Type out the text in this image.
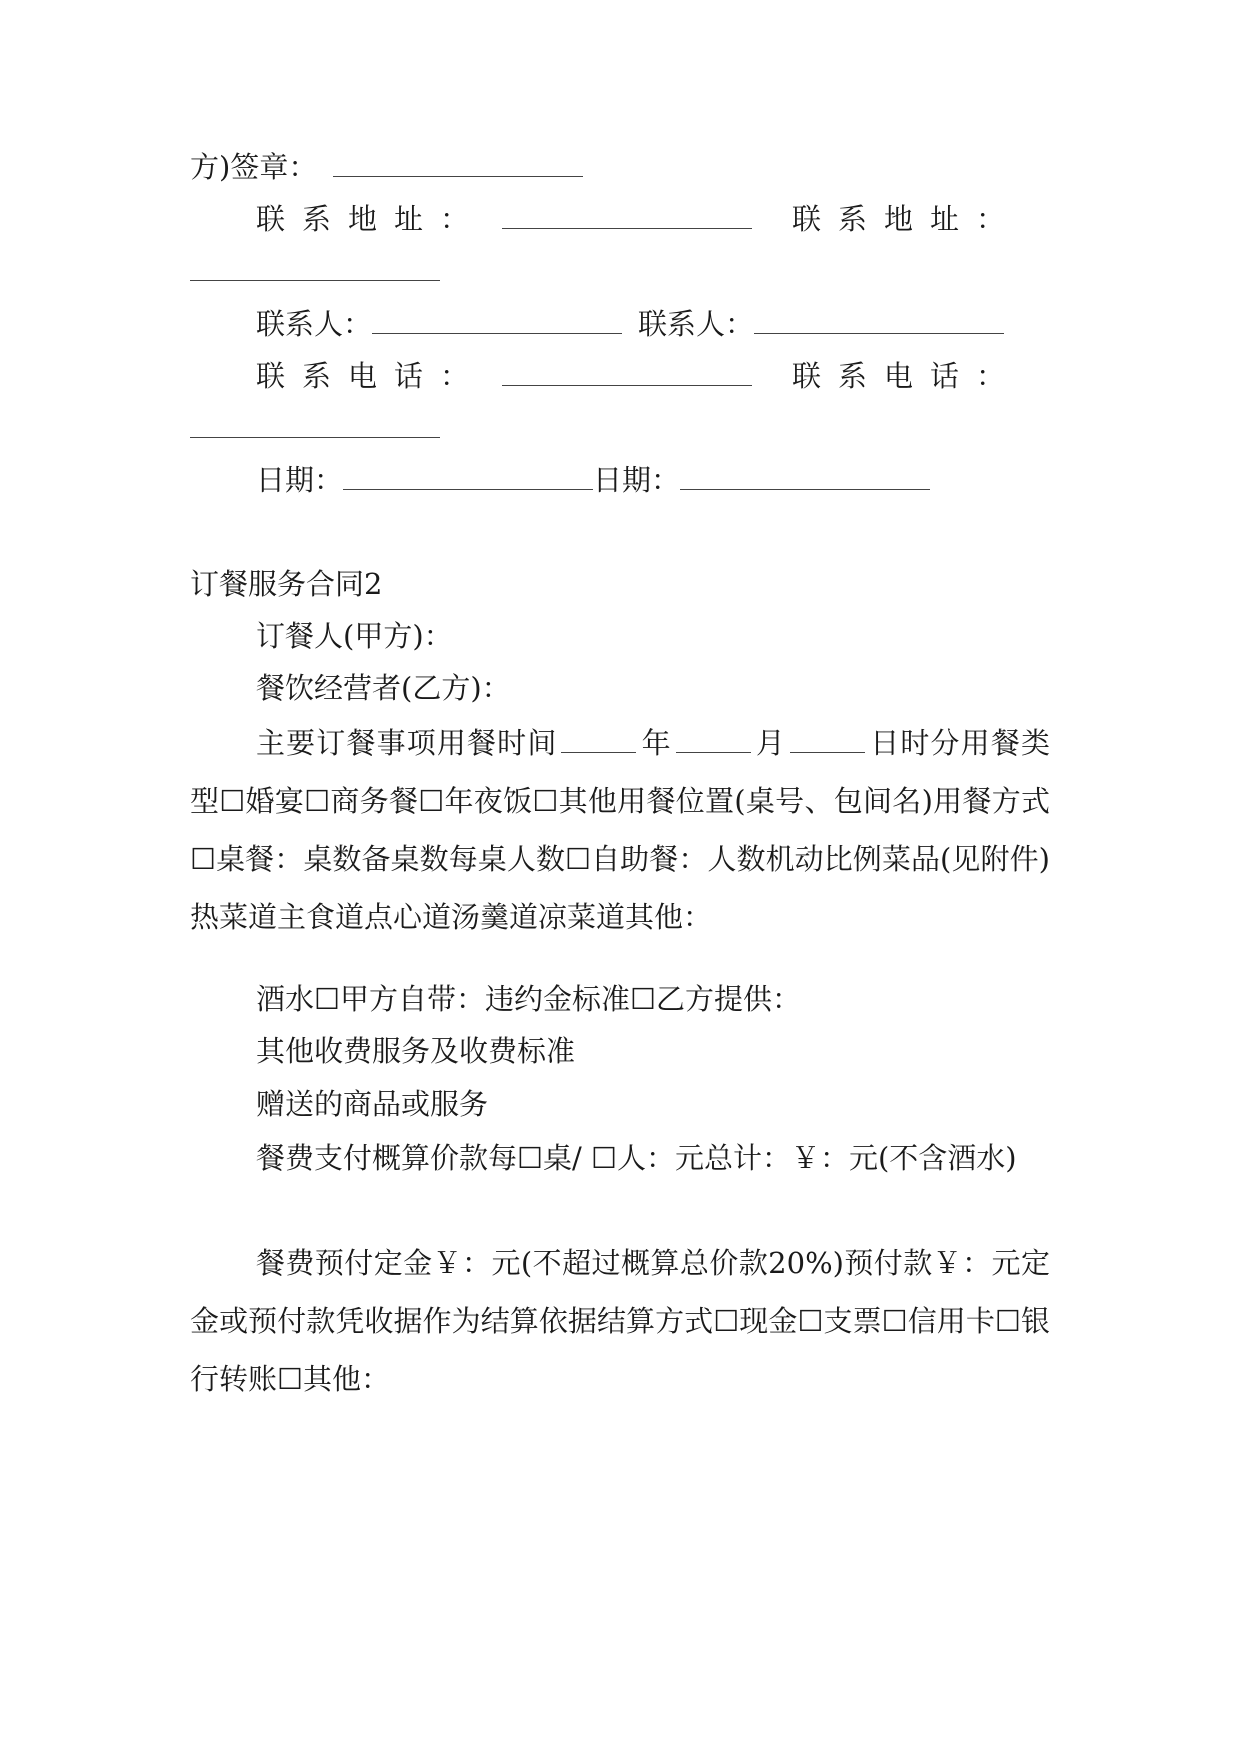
方)签章：
联系地址：	联系地址：
联系人：	联系人：
联系电话：	联系电话：
日期：	日期：
订餐服务合同2
订餐人(甲方)：
餐饮经营者(乙方)：
主要订餐事项用餐时间	年	月	日时分用餐类型☐婚宴☐商务餐☐年夜饭☐其他用餐位置(桌号、包间名)用餐方式☐桌餐：桌数备桌数每桌人数☐自助餐：人数机动比例菜品(见附件)热菜道主食道点心道汤羹道凉菜道其他：
酒水☐甲方自带：违约金标准☐乙方提供：
其他收费服务及收费标准
赠送的商品或服务
餐费支付概算价款每☐桌/ ☐人：元总计：￥：元(不含酒水)
餐费预付定金￥：元(不超过概算总价款20%)预付款￥：元定金或预付款凭收据作为结算依据结算方式☐现金☐支票☐信用卡☐银行转账☐其他：
